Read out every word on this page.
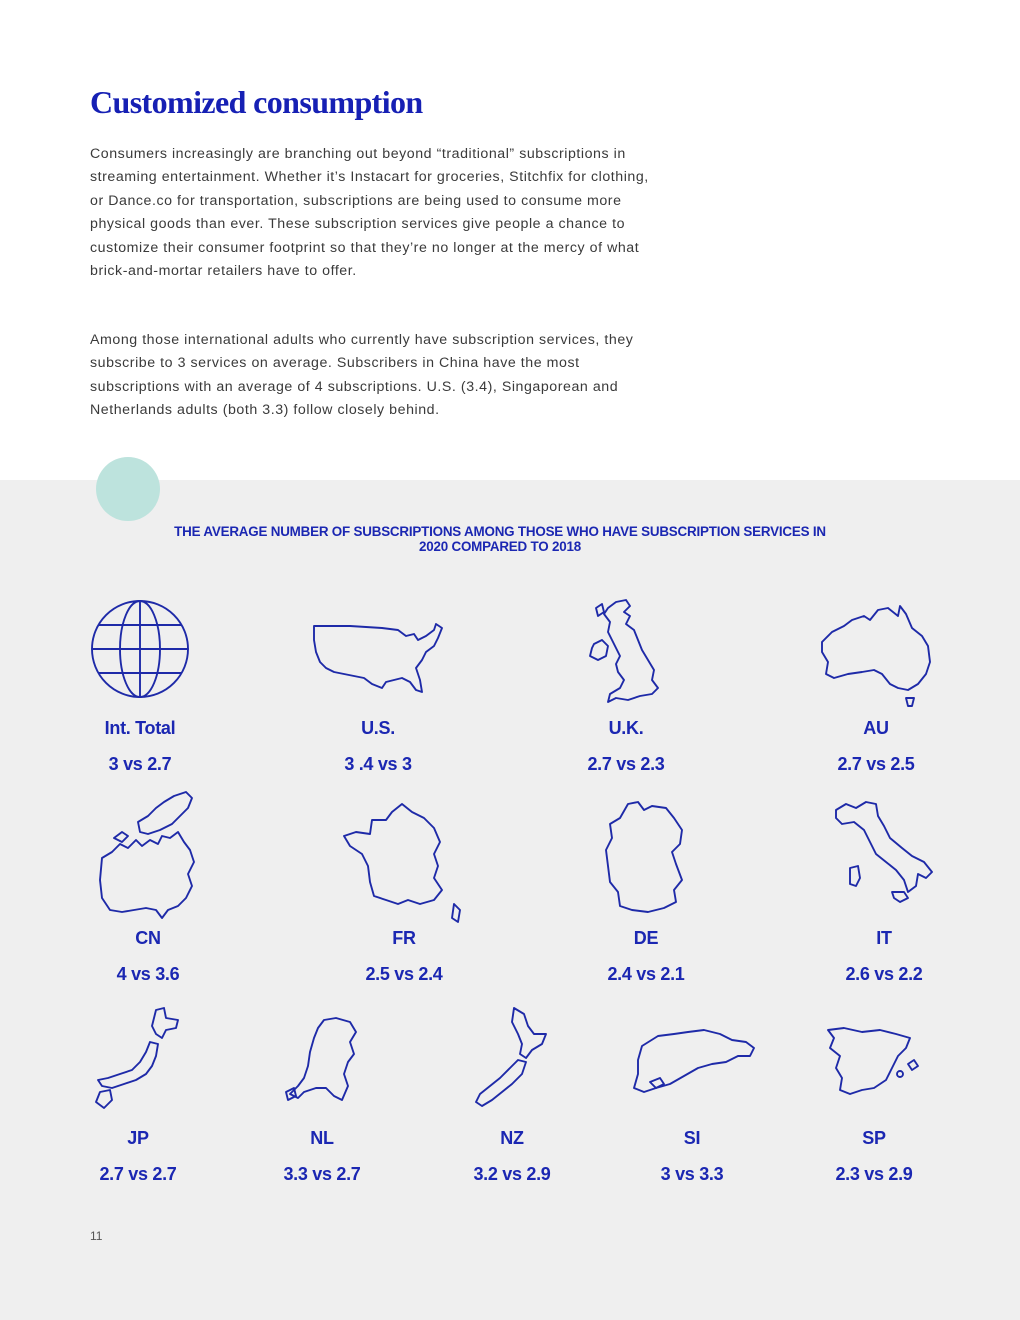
Customized consumption

Consumers increasingly are branching out beyond “traditional” subscriptions in streaming entertainment. Whether it’s Instacart for groceries, Stitchfix for clothing, or Dance.co for transportation, subscriptions are being used to consume more physical goods than ever. These subscription services give people a chance to customize their consumer footprint so that they’re no longer at the mercy of what brick-and-mortar retailers have to offer.

Among those international adults who currently have subscription services, they subscribe to 3 services on average. Subscribers in China have the most subscriptions with an average of 4 subscriptions. U.S. (3.4), Singaporean and Netherlands adults (both 3.3) follow closely behind.

THE AVERAGE NUMBER OF SUBSCRIPTIONS AMONG THOSE WHO HAVE SUBSCRIPTION SERVICES IN 2020 COMPARED TO 2018
Int. Total
3 vs 2.7
U.S.
3 .4 vs 3
U.K.
2.7 vs 2.3
AU
2.7 vs 2.5
CN
4 vs 3.6
FR
2.5 vs 2.4
DE
2.4 vs 2.1
IT
2.6 vs 2.2
JP
2.7 vs 2.7
NL
3.3 vs 2.7
NZ
3.2 vs 2.9
SI
3 vs 3.3
SP
2.3 vs 2.9
11
